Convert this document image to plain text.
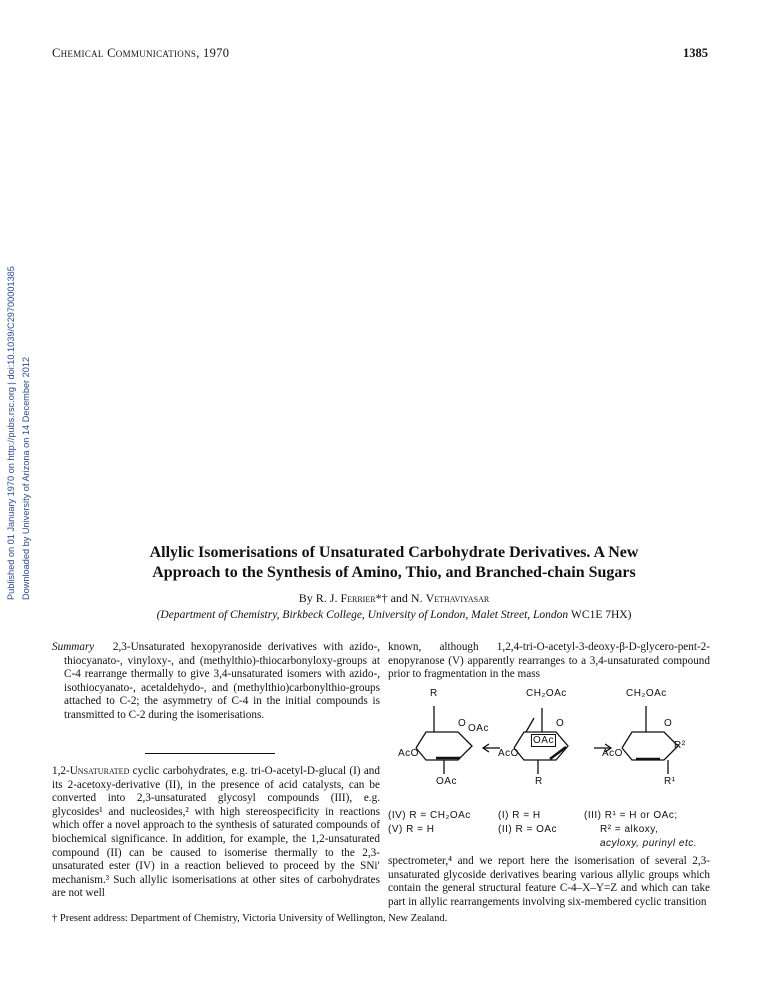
Chemical Communications, 1970	1385
Published on 01 January 1970 on http://pubs.rsc.org | doi:10.1039/C29700001385 Downloaded by University of Arizona on 14 December 2012	Allylic Isomerisations of Unsaturated Carbohydrate Derivatives. A New
Approach to the Synthesis of Amino, Thio, and Branched-chain Sugars
By R. J. Ferrier*† and N. Vethaviyasar
(Department of Chemistry, Birkbeck College, University of London, Malet Street, London WC1E 7HX)
Summary 2,3-Unsaturated hexopyranoside derivatives with azido-, thiocyanato-, vinyloxy-, and (methylthio)-thiocarbonyloxy-groups at C-4 rearrange thermally to give 3,4-unsaturated isomers with azido-, isothiocyanato-, acetaldehydo-, and (methylthio)carbonylthio-groups attached to C-2; the asymmetry of C-4 in the initial compounds is transmitted to C-2 during the isomerisations.

1,2-Unsaturated cyclic carbohydrates, e.g. tri-O-acetyl-D-glucal (I) and its 2-acetoxy-derivative (II), in the presence of acid catalysts, can be converted into 2,3-unsaturated glycosyl compounds (III), e.g. glycosides¹ and nucleosides,² with high stereospecificity in reactions which offer a novel approach to the synthesis of saturated compounds of biochemical significance. In addition, for example, the 1,2-unsaturated compound (II) can be caused to isomerise thermally to the 2,3-unsaturated ester (IV) in a reaction believed to proceed by the SNi′ mechanism.³ Such allylic isomerisations at other sites of carbohydrates are not well

known, although 1,2,4-tri-O-acetyl-3-deoxy-β-D-glycero-pent-2-enopyranose (V) apparently rearranges to a 3,4-unsaturated compound prior to fragmentation in the mass

R
O OAc
AcO
OAc
CH₂OAc
O
OAc
AcO
R
CH₂OAc
O
AcO
R²
R¹
(IV) R = CH₂OAc
(V) R = H
(I) R = H
(II) R = OAc
(III) R¹ = H or OAc;
R² = alkoxy,
acyloxy, purinyl etc.

spectrometer,⁴ and we report here the isomerisation of several 2,3-unsaturated glycoside derivatives bearing various allylic groups which contain the general structural feature C-4–X–Y=Z and which can take part in allylic rearrangements involving six-membered cyclic transition

† Present address: Department of Chemistry, Victoria University of Wellington, New Zealand.
